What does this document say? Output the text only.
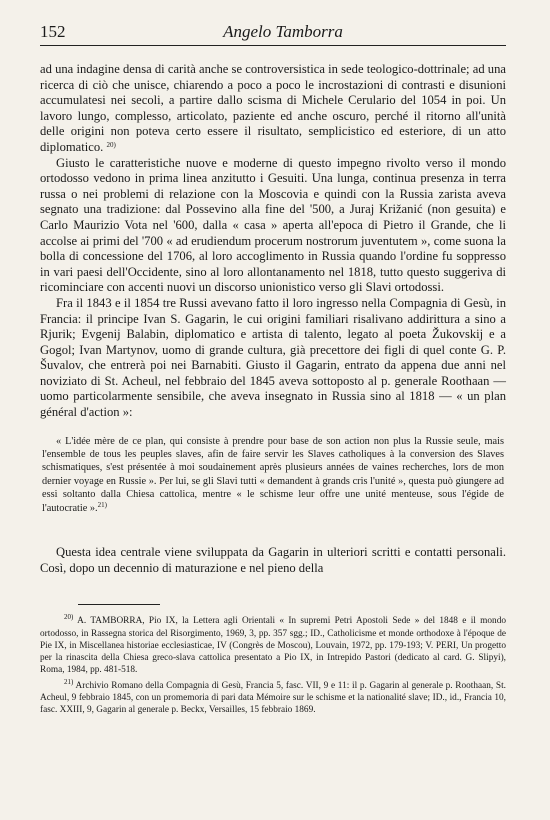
152	Angelo Tamborra

ad una indagine densa di carità anche se controversistica in sede teologico-dottrinale; ad una ricerca di ciò che unisce, chiarendo a poco a poco le incrostazioni di contrasti e disunioni accumulatesi nei secoli, a partire dallo scisma di Michele Cerulario del 1054 in poi. Un lavoro lungo, complesso, articolato, paziente ed anche oscuro, perché il ritorno all'unità delle origini non poteva certo essere il risultato, semplicistico ed esteriore, di un atto diplomatico. $^{20)}$

Giusto le caratteristiche nuove e moderne di questo impegno rivolto verso il mondo ortodosso vedono in prima linea anzitutto i Gesuiti. Una lunga, continua presenza in terra russa o nei problemi di relazione con la Moscovia e quindi con la Russia zarista aveva segnato una tradizione: dal Possevino alla fine del '500, a Juraj Križanić (non gesuita) e Carlo Maurizio Vota nel '600, dalla « casa » aperta all'epoca di Pietro il Grande, che li accolse ai primi del '700 « ad erudiendum procerum nostrorum juventutem », come suona la bolla di concessione del 1706, al loro accoglimento in Russia quando l'ordine fu soppresso in vari paesi dell'Occidente, sino al loro allontanamento nel 1818, tutto questo suggeriva di ricominciare con accenti nuovi un discorso unionistico verso gli Slavi ortodossi.

Fra il 1843 e il 1854 tre Russi avevano fatto il loro ingresso nella Compagnia di Gesù, in Francia: il principe Ivan S. Gagarin, le cui origini familiari risalivano addirittura a sino a Rjurik; Evgenij Balabin, diplomatico e artista di talento, legato al poeta Žukovskij e a Gogol; Ivan Martynov, uomo di grande cultura, già precettore dei figli di quel conte G. P. Šuvalov, che entrerà poi nei Barnabiti. Giusto il Gagarin, entrato da appena due anni nel noviziato di St. Acheul, nel febbraio del 1845 aveva sottoposto al p. generale Roothaan — uomo particolarmente sensibile, che aveva insegnato in Russia sino al 1818 — « un plan général d'action »:

« L'idée mère de ce plan, qui consiste à prendre pour base de son action non plus la Russie seule, mais l'ensemble de tous les peuples slaves, afin de faire servir les Slaves catholiques à la conversion des Slaves schismatiques, s'est présentée à moi soudainement après plusieurs années de vaines recherches, lors de mon dernier voyage en Russie ». Per lui, se gli Slavi tutti « demandent à grands cris l'unité », questa può giungere ad essi soltanto dalla Chiesa cattolica, mentre « le schisme leur offre une unité menteuse, sous l'égide de l'autocratie ».$^{21)}$

Questa idea centrale viene sviluppata da Gagarin in ulteriori scritti e contatti personali. Così, dopo un decennio di maturazione e nel pieno della

$^{20)}$ A. TAMBORRA, Pio IX, la Lettera agli Orientali « In supremi Petri Apostoli Sede » del 1848 e il mondo ortodosso, in Rassegna storica del Risorgimento, 1969, 3, pp. 357 sgg.; ID., Catholicisme et monde orthodoxe à l'époque de Pie IX, in Miscellanea historiae ecclesiasticae, IV (Congrès de Moscou), Louvain, 1972, pp. 179-193; V. PERI, Un progetto per la rinascita della Chiesa greco-slava cattolica presentato a Pio IX, in Intrepido Pastori (dedicato al card. G. Slipyi), Roma, 1984, pp. 481-518.

$^{21)}$ Archivio Romano della Compagnia di Gesù, Francia 5, fasc. VII, 9 e 11: il p. Gagarin al generale p. Roothaan, St. Acheul, 9 febbraio 1845, con un promemoria di pari data Mémoire sur le schisme et la nationalité slave; ID., id., Francia 10, fasc. XXIII, 9, Gagarin al generale p. Beckx, Versailles, 15 febbraio 1869.
